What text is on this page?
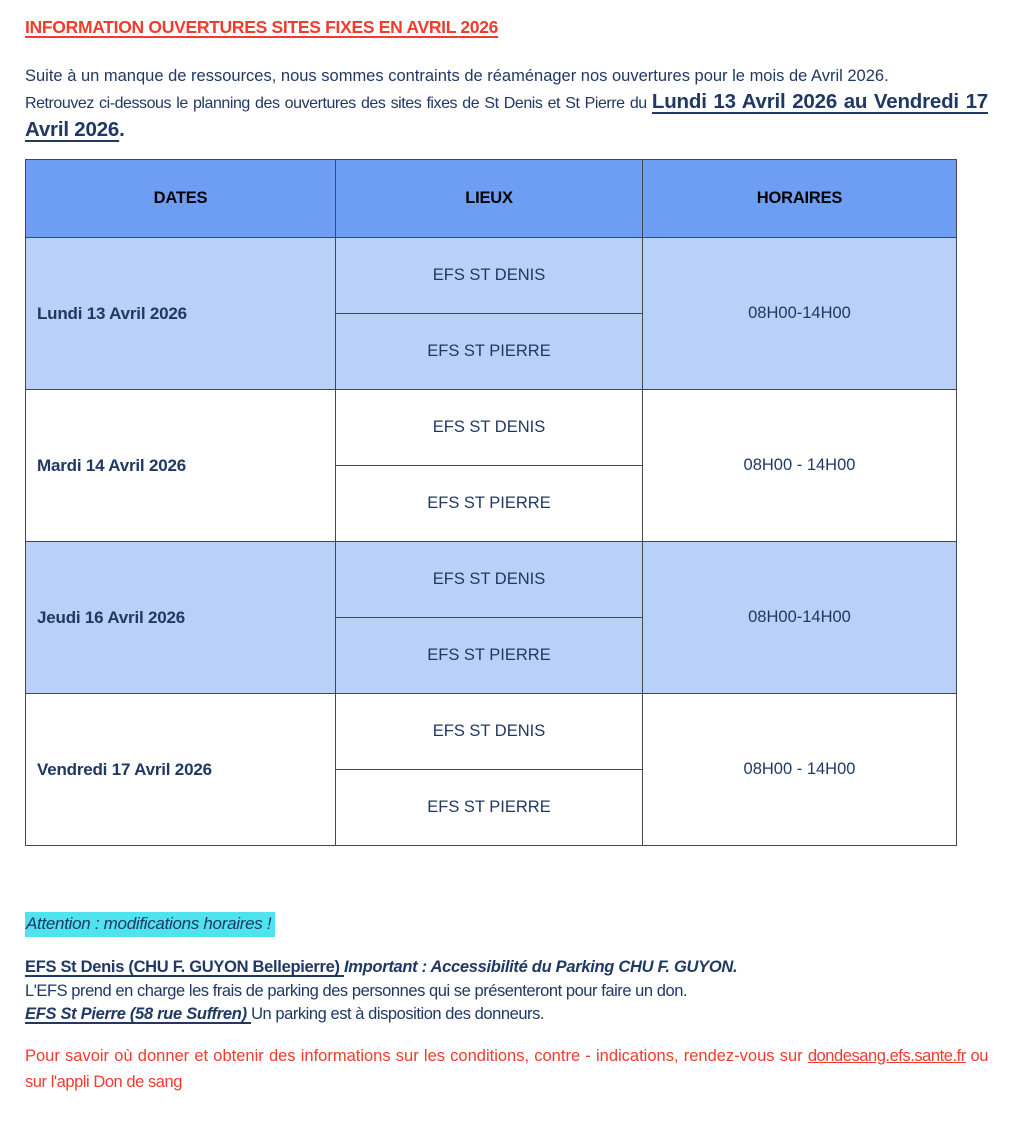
INFORMATION OUVERTURES SITES FIXES EN AVRIL 2026

Suite à un manque de ressources, nous sommes contraints de réaménager nos ouvertures pour le mois de Avril 2026.

Retrouvez ci-dessous le planning des ouvertures des sites fixes de St Denis et St Pierre du Lundi 13 Avril 2026 au Vendredi 17 Avril 2026.

DATES	LIEUX	HORAIRES
Lundi 13 Avril 2026	EFS ST DENIS	08H00-14H00
	EFS ST PIERRE	
Mardi 14 Avril 2026	EFS ST DENIS	08H00 - 14H00
	EFS ST PIERRE	
Jeudi 16 Avril 2026	EFS ST DENIS	08H00-14H00
	EFS ST PIERRE	
Vendredi 17 Avril 2026	EFS ST DENIS	08H00 - 14H00
	EFS ST PIERRE	
Attention : modifications horaires !
EFS St Denis (CHU F. GUYON Bellepierre) Important : Accessibilité du Parking CHU F. GUYON.
L'EFS prend en charge les frais de parking des personnes qui se présenteront pour faire un don.
EFS St Pierre (58 rue Suffren) Un parking est à disposition des donneurs.

Pour savoir où donner et obtenir des informations sur les conditions, contre - indications, rendez-vous sur dondesang.efs.sante.fr ou sur l'appli Don de sang
